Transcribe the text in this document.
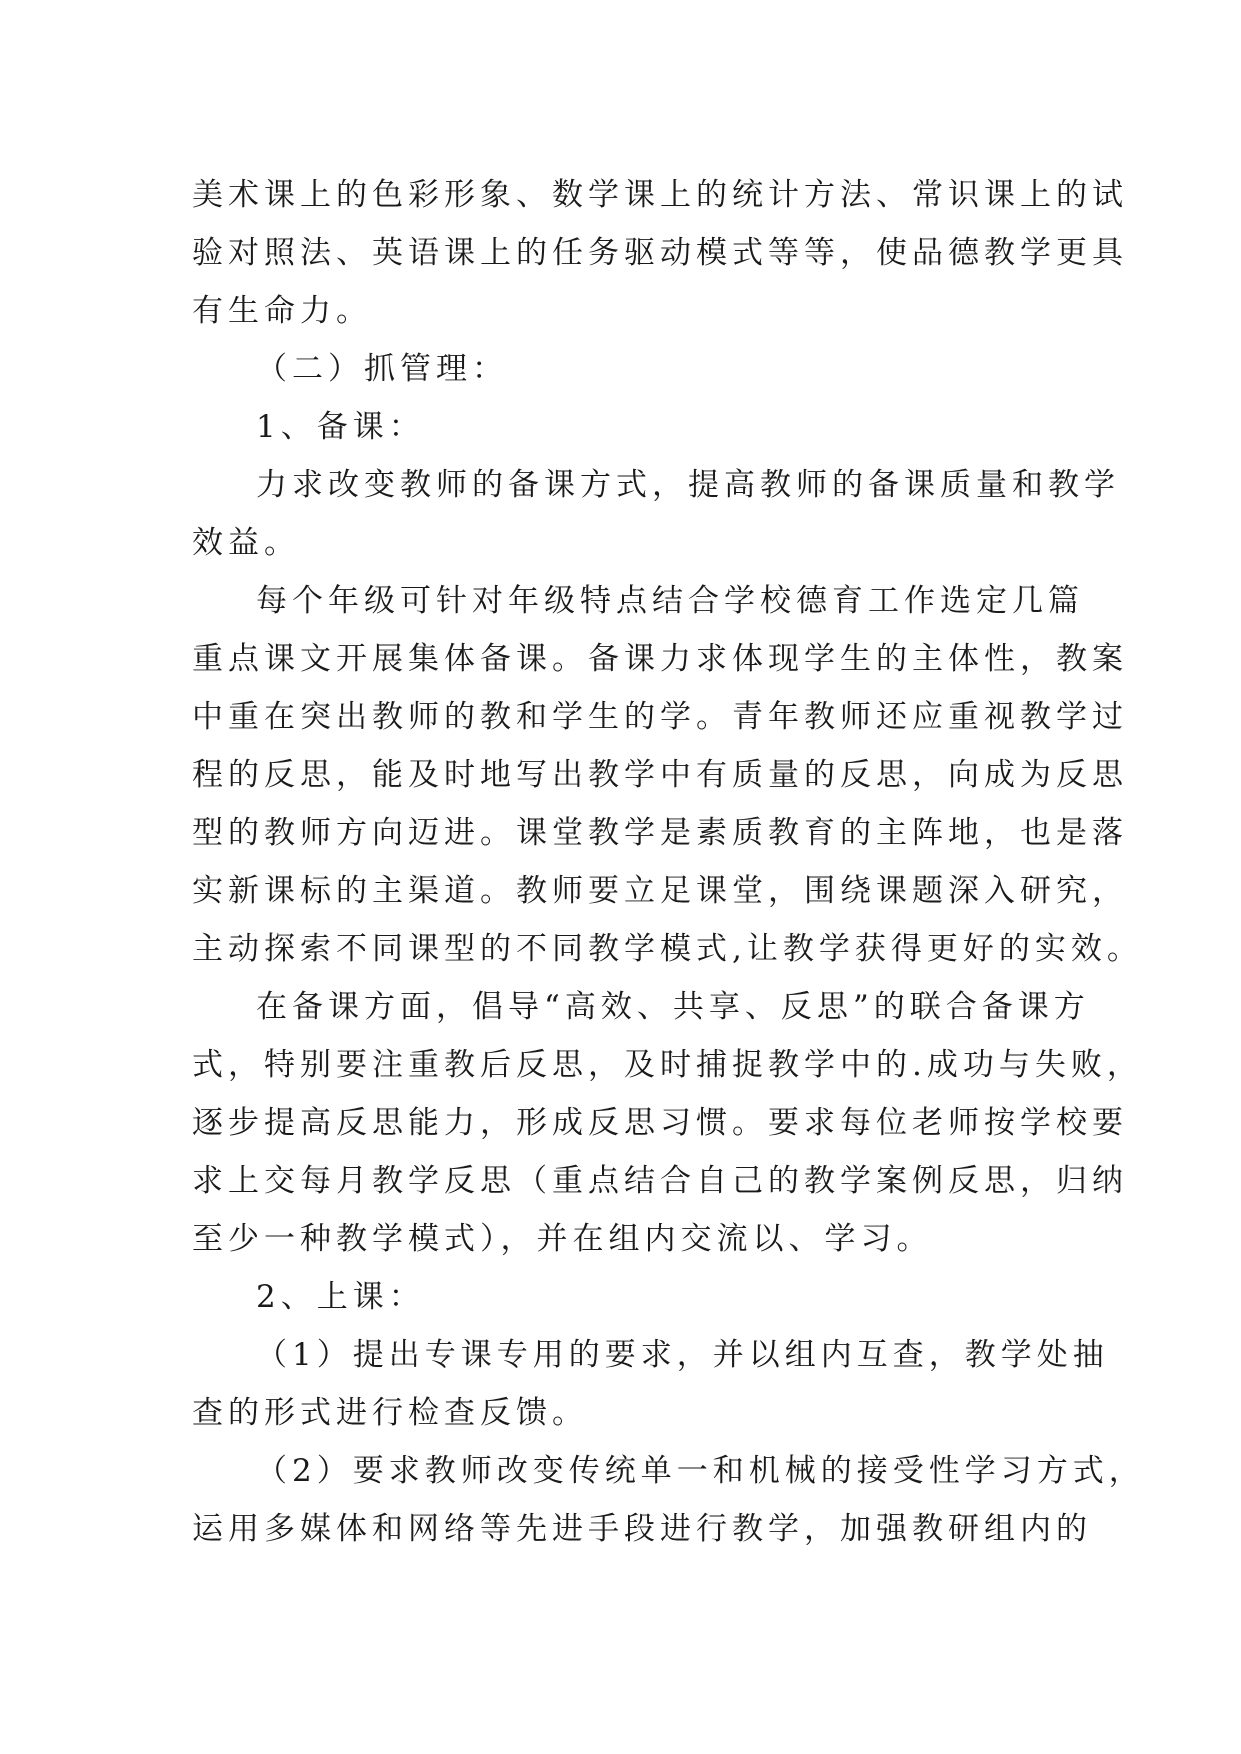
美术课上的色彩形象、数学课上的统计方法、常识课上的试
验对照法、英语课上的任务驱动模式等等，使品德教学更具
有生命力。
（二）抓管理：
1、备课：
力求改变教师的备课方式，提高教师的备课质量和教学
效益。
每个年级可针对年级特点结合学校德育工作选定几篇
重点课文开展集体备课。备课力求体现学生的主体性，教案
中重在突出教师的教和学生的学。青年教师还应重视教学过
程的反思，能及时地写出教学中有质量的反思，向成为反思
型的教师方向迈进。课堂教学是素质教育的主阵地，也是落
实新课标的主渠道。教师要立足课堂，围绕课题深入研究，
主动探索不同课型的不同教学模式,让教学获得更好的实效。
在备课方面，倡导“高效、共享、反思”的联合备课方
式，特别要注重教后反思，及时捕捉教学中的.成功与失败，
逐步提高反思能力，形成反思习惯。要求每位老师按学校要
求上交每月教学反思（重点结合自己的教学案例反思，归纳
至少一种教学模式），并在组内交流以、学习。
2、上课：
（1）提出专课专用的要求，并以组内互查，教学处抽
查的形式进行检查反馈。
（2）要求教师改变传统单一和机械的接受性学习方式，
运用多媒体和网络等先进手段进行教学，加强教研组内的
